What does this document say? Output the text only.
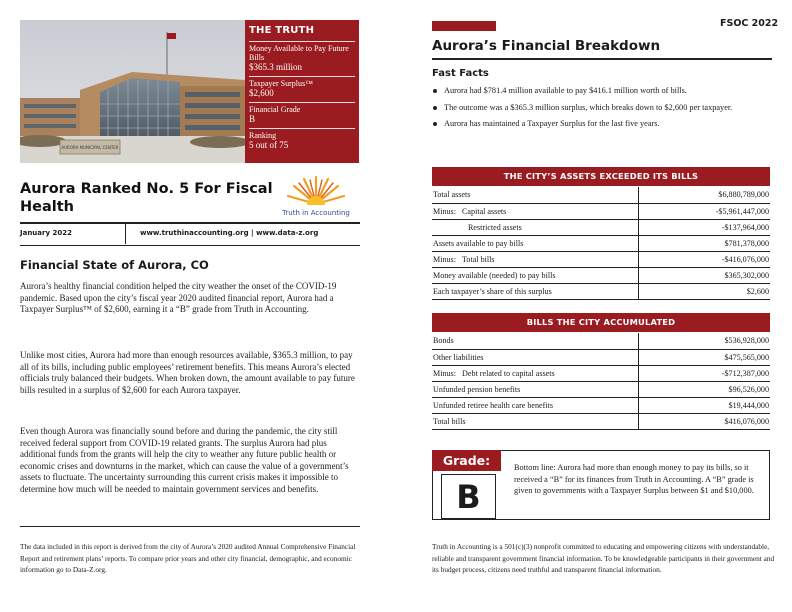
AURORA MUNICIPAL CENTER
THE TRUTH
Money Available to Pay Future Bills
$365.3 million
Taxpayer Surplus™
$2,600
Financial Grade
B
Ranking
5 out of 75
Aurora Ranked No. 5 For Fiscal Health	Truth in Accounting
January 2022	www.truthinaccounting.org | www.data-z.org
Financial State of Aurora, CO

Aurora’s healthy financial condition helped the city weather the onset of the COVID-19 pandemic. Based upon the city’s fiscal year 2020 audited financial report, Aurora had a Taxpayer Surplus™ of $2,600, earning it a “B” grade from Truth in Accounting.

Unlike most cities, Aurora had more than enough resources available, $365.3 million, to pay all of its bills, including public employees’ retirement benefits. This means Aurora’s elected officials truly balanced their budgets. When broken down, the amount available to pay future bills resulted in a surplus of $2,600 for each Aurora taxpayer.

Even though Aurora was financially sound before and during the pandemic, the city still received federal support from COVID-19 related grants. The surplus Aurora had plus additional funds from the grants will help the city to weather any future public health or economic crises and downturns in the market, which can cause the value of a government’s assets to fluctuate. The uncertainty surrounding this current crisis makes it impossible to determine how much will be needed to maintain government services and benefits.

The data included in this report is derived from the city of Aurora’s 2020 audited Annual Comprehensive Financial Report and retirement plans’ reports. To compare prior years and other city financial, demographic, and economic information go to Data-Z.org.

FSOC 2022
Aurora’s Financial Breakdown
Fast Facts
Aurora had $781.4 million available to pay $416.1 million worth of bills.
The outcome was a $365.3 million surplus, which breaks down to $2,600 per taxpayer.
Aurora has maintained a Taxpayer Surplus for the last five years.
THE CITY’S ASSETS EXCEEDED ITS BILLS
Total assets	$6,880,789,000
Minus: Capital assets	-$5,961,447,000
Restricted assets	-$137,964,000
Assets available to pay bills	$781,378,000
Minus: Total bills	-$416,076,000
Money available (needed) to pay bills	$365,302,000
Each taxpayer’s share of this surplus	$2,600
BILLS THE CITY ACCUMULATED
Bonds	$536,928,000
Other liabilities	$475,565,000
Minus: Debt related to capital assets	-$712,387,000
Unfunded pension benefits	$96,526,000
Unfunded retiree health care benefits	$19,444,000
Total bills	$416,076,000
Grade:
B

Bottom line: Aurora had more than enough money to pay its bills, so it received a “B” for its finances from Truth in Accounting. A “B” grade is given to governments with a Taxpayer Surplus between $1 and $10,000.

Truth in Accounting is a 501(c)(3) nonprofit committed to educating and empowering citizens with understandable, reliable and transparent government financial information. To be knowledgeable participants in their government and its budget process, citizens need truthful and transparent financial information.
